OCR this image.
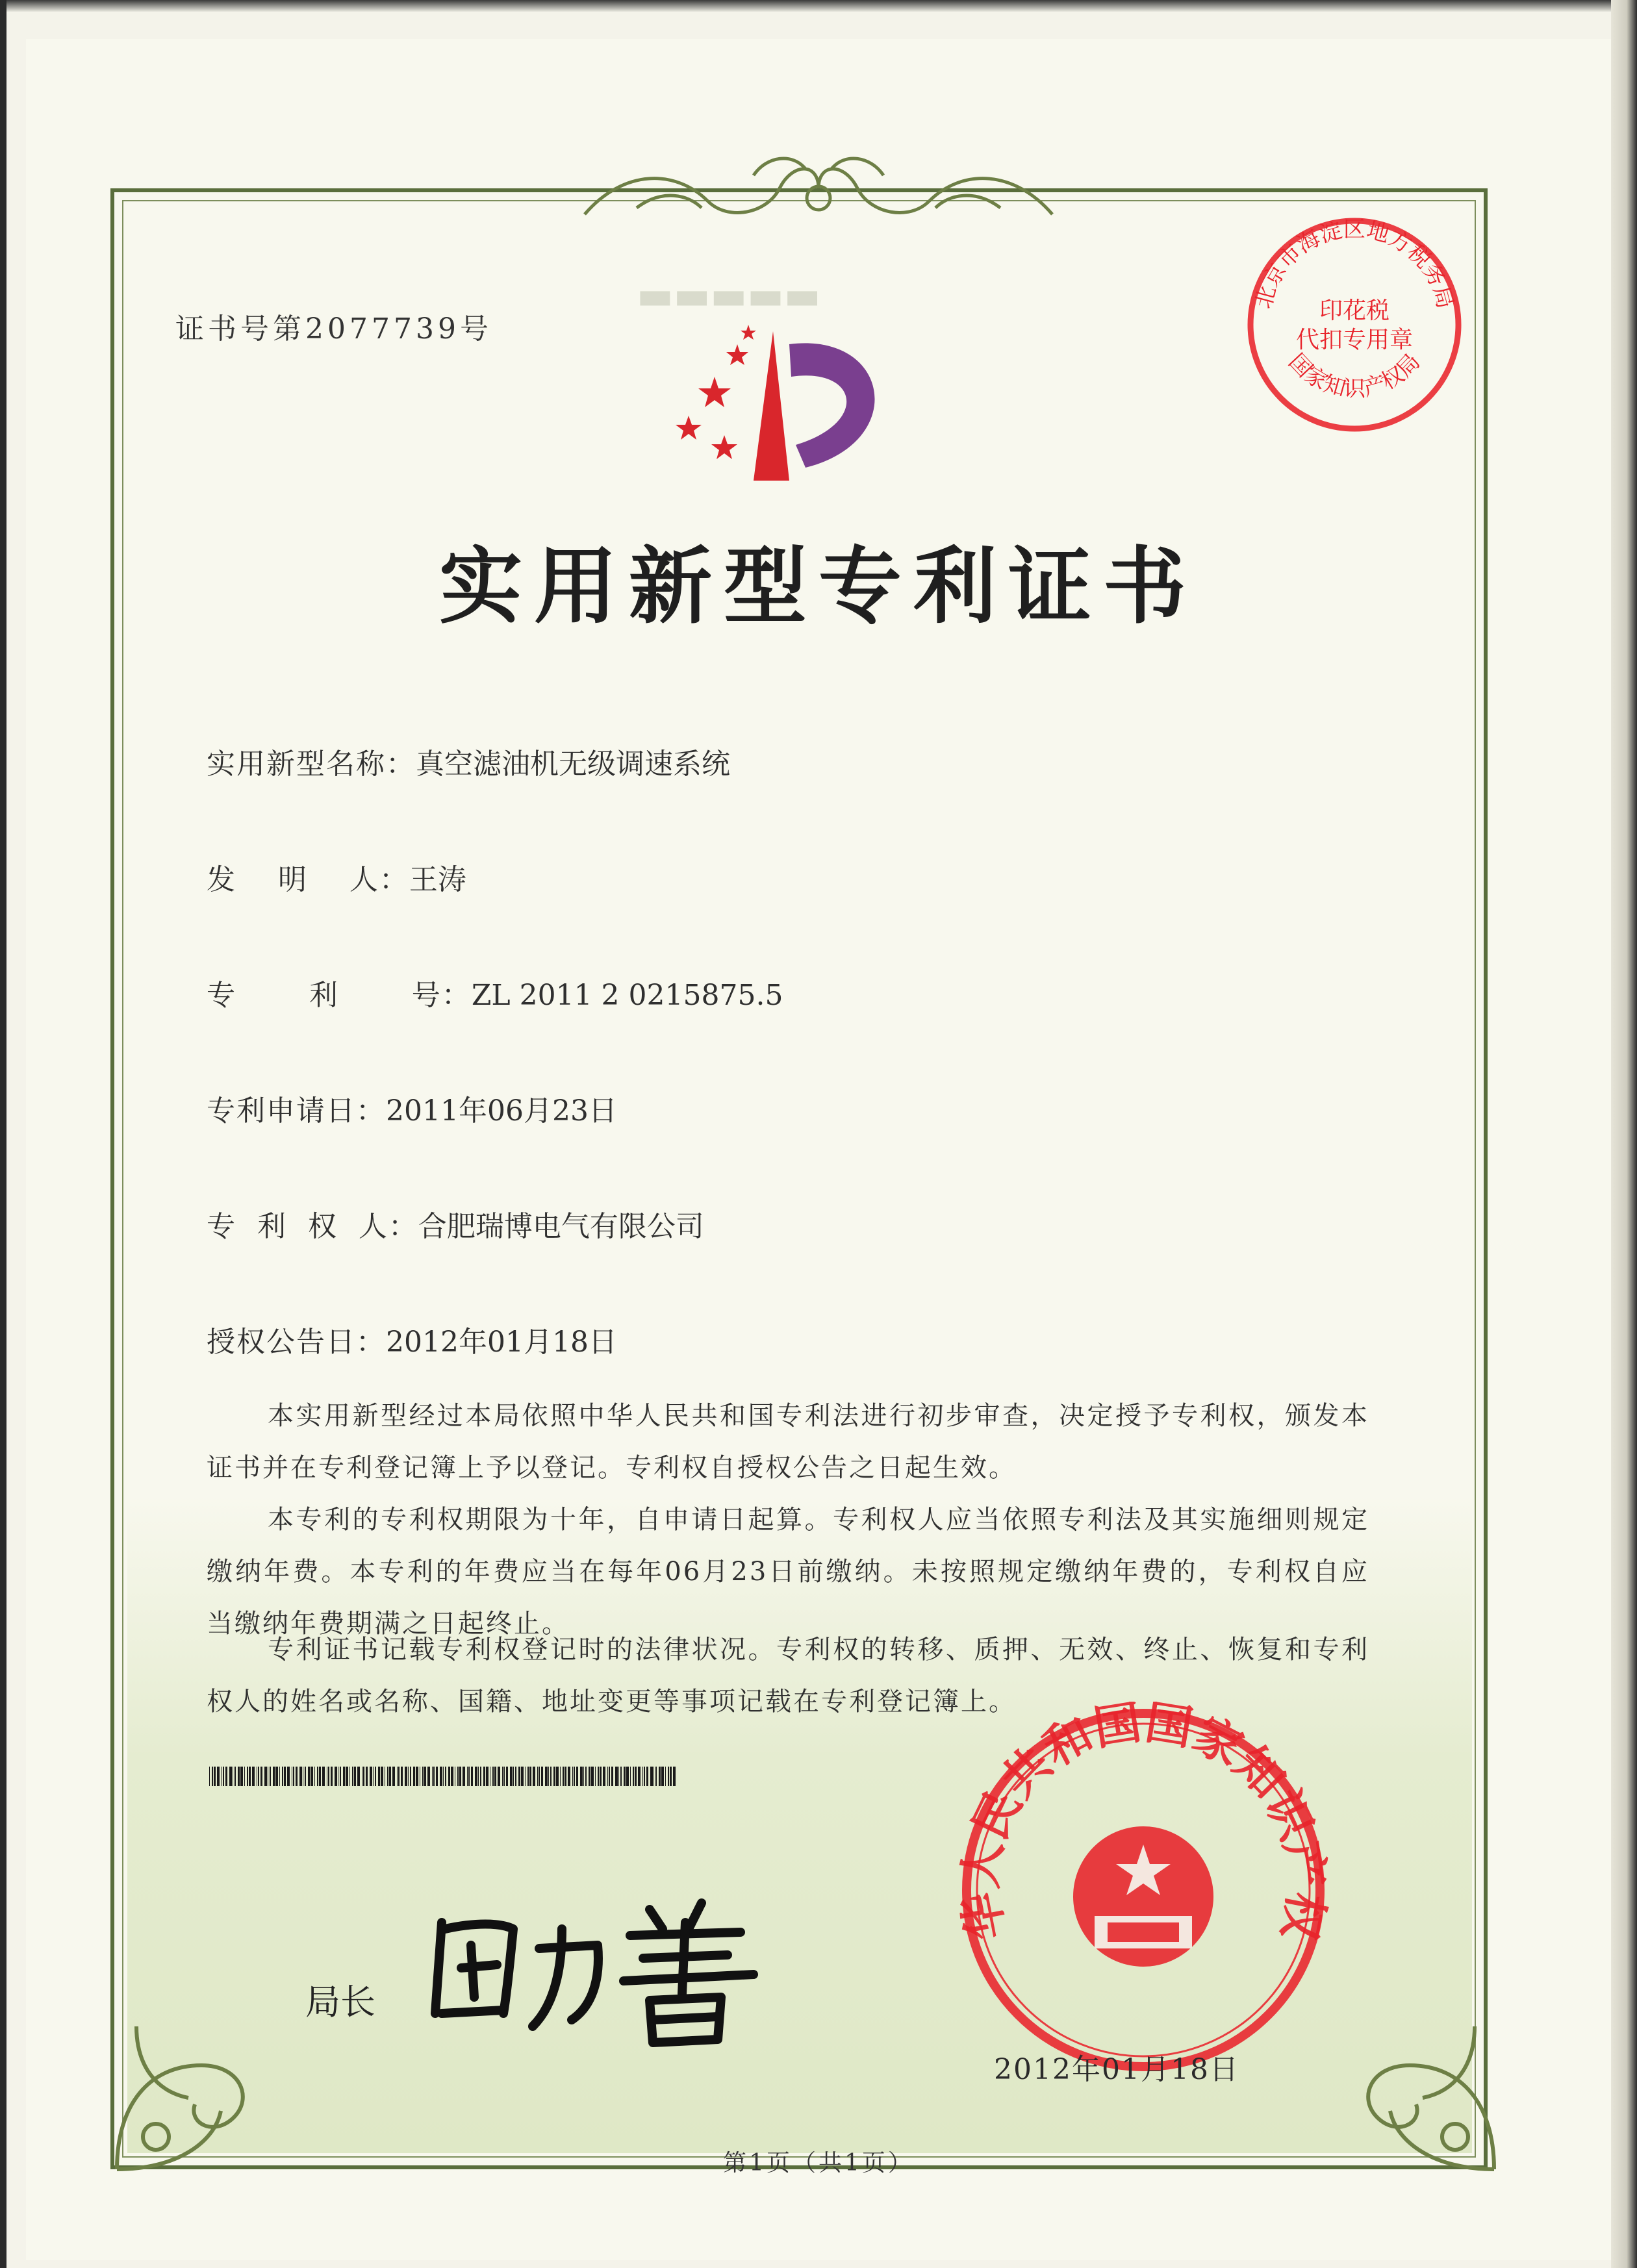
▬▬▬▬▬
证书号第2077739号
实用新型专利证书
实用新型名称：真空滤油机无级调速系统
发    明    人：王涛
专       利       号：ZL 2011 2 0215875.5
专利申请日：2011年06月23日
专  利  权  人：合肥瑞博电气有限公司
授权公告日：2012年01月18日
本实用新型经过本局依照中华人民共和国专利法进行初步审查，决定授予专利权，颁发本证书并在专利登记簿上予以登记。专利权自授权公告之日起生效。
本专利的专利权期限为十年，自申请日起算。专利权人应当依照专利法及其实施细则规定缴纳年费。本专利的年费应当在每年06月23日前缴纳。未按照规定缴纳年费的，专利权自应当缴纳年费期满之日起终止。
专利证书记载专利权登记时的法律状况。专利权的转移、质押、无效、终止、恢复和专利权人的姓名或名称、国籍、地址变更等事项记载在专利登记簿上。
局长
华人民共和国国家知识产权
2012年01月18日
北京市海淀区地方税务局
国家知识产权局
印花税
代扣专用章
第1页（共1页）
